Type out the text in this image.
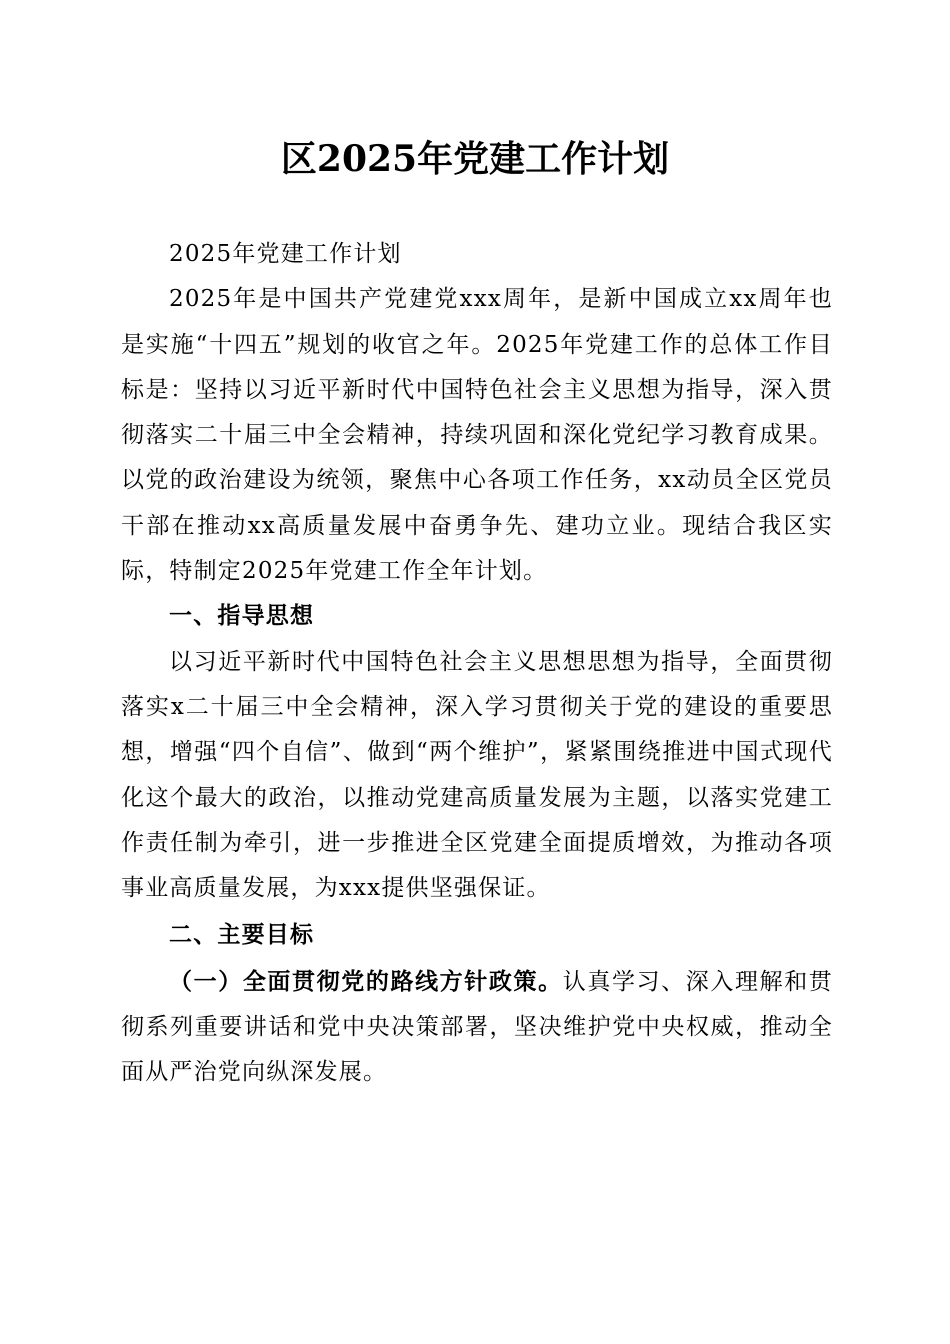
区2025年党建工作计划

2025年党建工作计划

2025年是中国共产党建党xxx周年，是新中国成立xx周年也是实施“十四五”规划的收官之年。2025年党建工作的总体工作目标是：坚持以习近平新时代中国特色社会主义思想为指导，深入贯彻落实二十届三中全会精神，持续巩固和深化党纪学习教育成果。以党的政治建设为统领，聚焦中心各项工作任务，xx动员全区党员干部在推动xx高质量发展中奋勇争先、建功立业。现结合我区实际，特制定2025年党建工作全年计划。

一、指导思想

以习近平新时代中国特色社会主义思想思想为指导，全面贯彻落实x二十届三中全会精神，深入学习贯彻关于党的建设的重要思想，增强“四个自信”、做到“两个维护”，紧紧围绕推进中国式现代化这个最大的政治，以推动党建高质量发展为主题，以落实党建工作责任制为牵引，进一步推进全区党建全面提质增效，为推动各项事业高质量发展，为xxx提供坚强保证。

二、主要目标

（一）全面贯彻党的路线方针政策。认真学习、深入理解和贯彻系列重要讲话和党中央决策部署，坚决维护党中央权威，推动全面从严治党向纵深发展。
